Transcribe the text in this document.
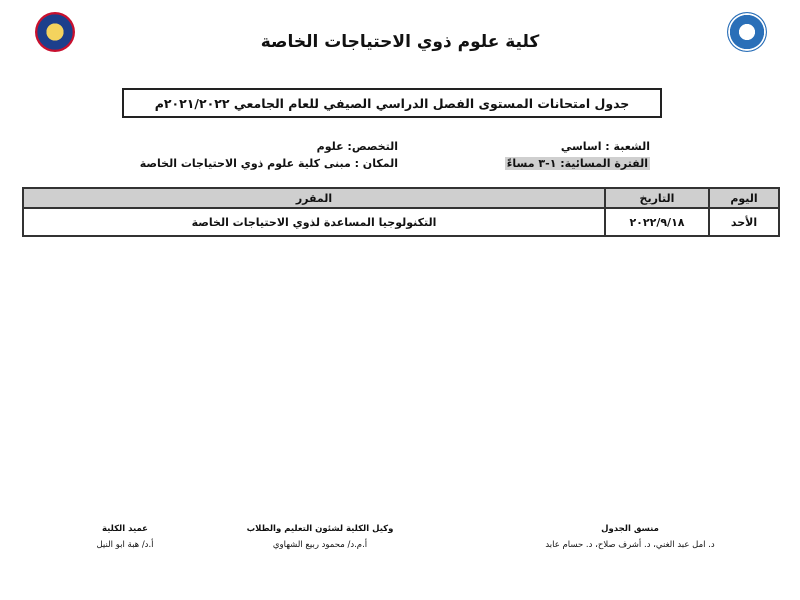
كلية علوم ذوي الاحتياجات الخاصة
جدول امتحانات المستوى الفصل الدراسي الصيفي للعام الجامعي ٢٠٢١/٢٠٢٢م
الشعبة : اساسي
الفترة المسائية: ١-٣ مساءً
التخصص: علوم
المكان : مبنى كلية علوم ذوي الاحتياجات الخاصة
اليوم	التاريخ	المقرر
الأحد	٢٠٢٢/٩/١٨	التكنولوجيا المساعدة لذوي الاحتياجات الخاصة
منسق الجدول
د. امل عبد الغني، د. أشرف صلاح، د. حسام عابد
وكيل الكلية لشئون التعليم والطلاب
أ.م.د/ محمود ربيع الشهاوي
عميد الكلية
أ.د/ هبة ابو النيل
